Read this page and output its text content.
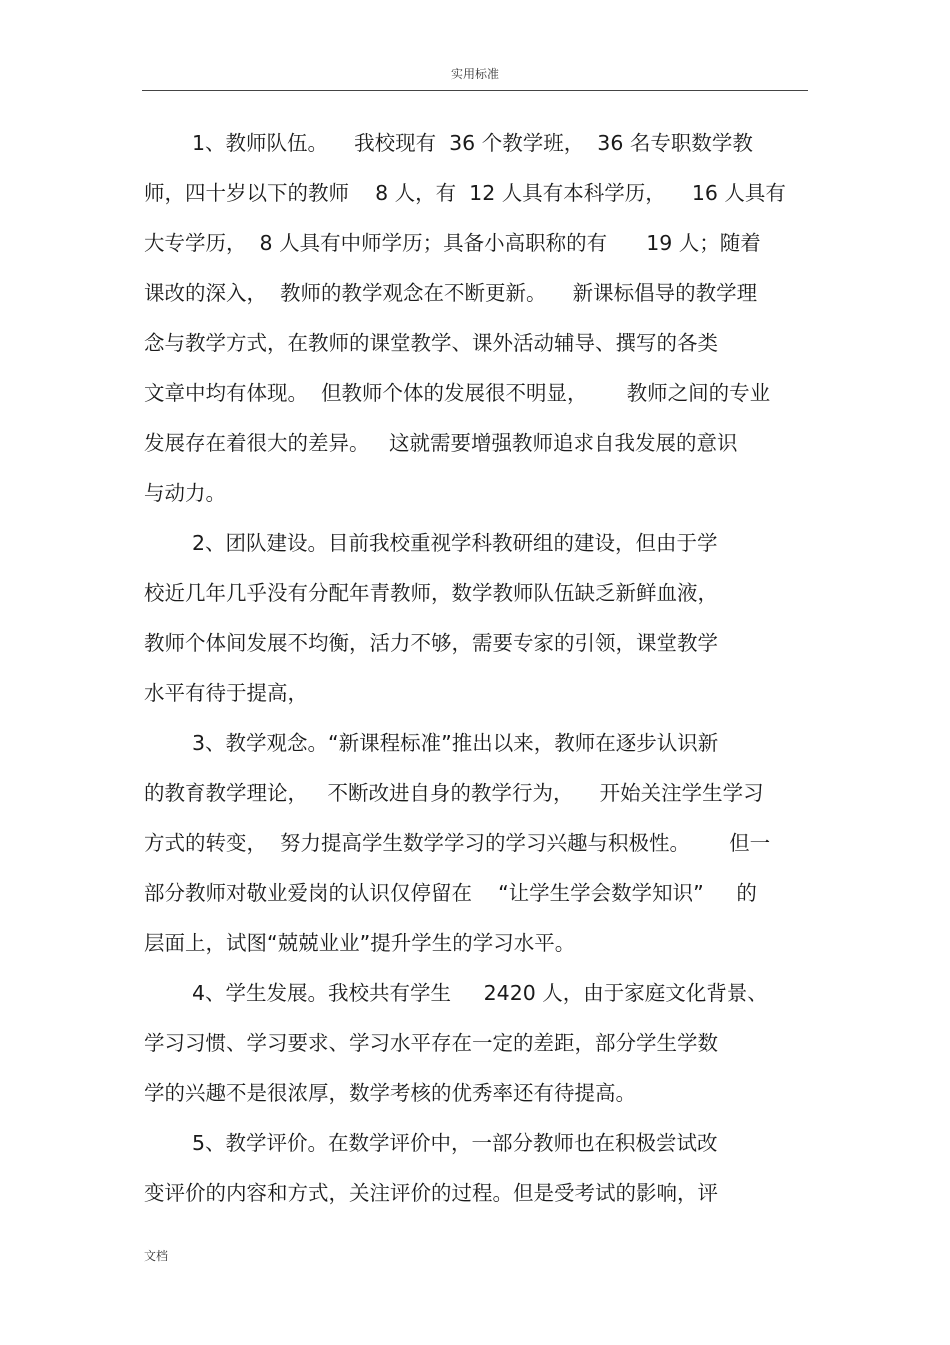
实用标准
1、教师队伍。    我校现有  36 个教学班，  36 名专职数学教
师，四十岁以下的教师    8 人，有  12 人具有本科学历，    16 人具有
大专学历，  8 人具有中师学历；具备小高职称的有      19 人；随着
课改的深入，  教师的教学观念在不断更新。    新课标倡导的教学理
念与教学方式，在教师的课堂教学、课外活动辅导、撰写的各类
文章中均有体现。  但教师个体的发展很不明显，      教师之间的专业
发展存在着很大的差异。   这就需要增强教师追求自我发展的意识
与动力。
2、团队建设。目前我校重视学科教研组的建设，但由于学
校近几年几乎没有分配年青教师，数学教师队伍缺乏新鲜血液，
教师个体间发展不均衡，活力不够，需要专家的引领，课堂教学
水平有待于提高，
3、教学观念。“新课程标准”推出以来，教师在逐步认识新
的教育教学理论，   不断改进自身的教学行为，    开始关注学生学习
方式的转变，  努力提高学生数学学习的学习兴趣与积极性。      但一
部分教师对敬业爱岗的认识仅停留在    “让学生学会数学知识”     的
层面上，试图“兢兢业业”提升学生的学习水平。
4、学生发展。我校共有学生     2420 人，由于家庭文化背景、
学习习惯、学习要求、学习水平存在一定的差距，部分学生学数
学的兴趣不是很浓厚，数学考核的优秀率还有待提高。
5、教学评价。在数学评价中，一部分教师也在积极尝试改
变评价的内容和方式，关注评价的过程。但是受考试的影响，评
文档
